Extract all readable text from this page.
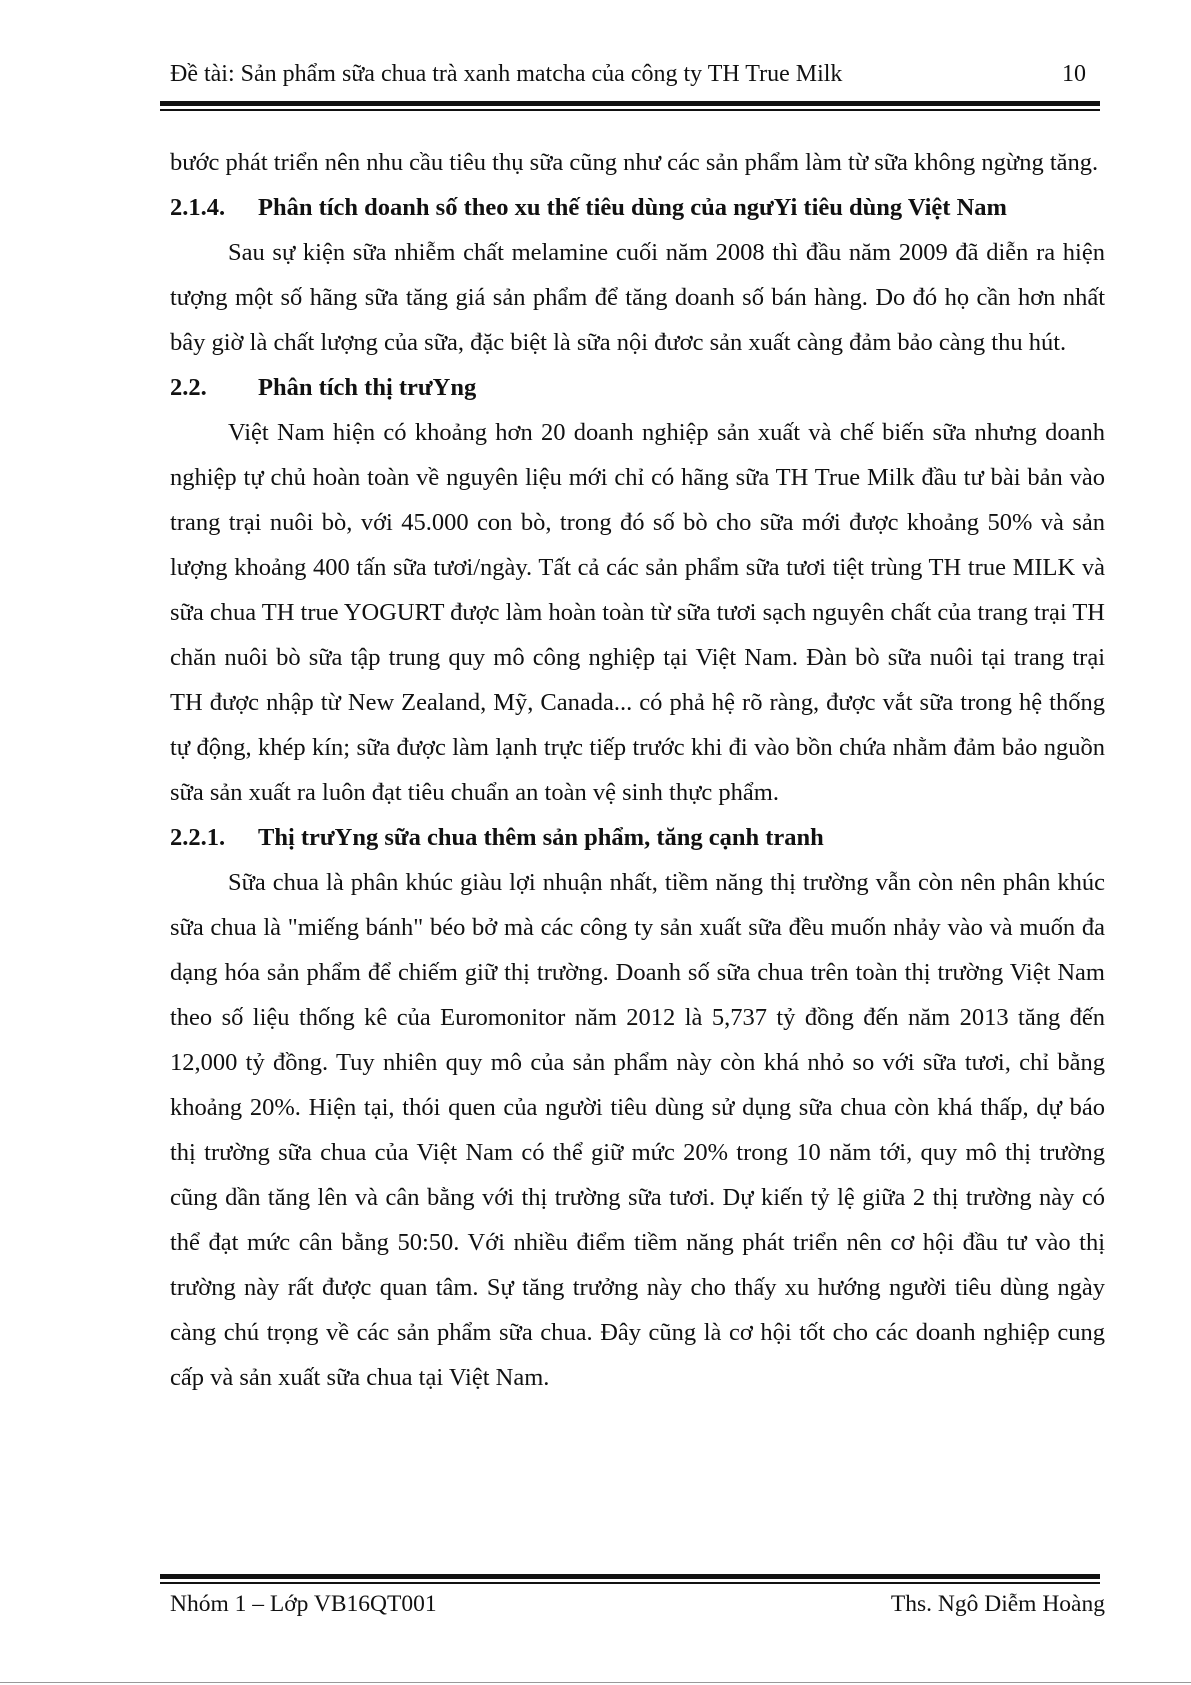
Đề tài: Sản phẩm sữa chua trà xanh matcha của công ty TH True Milk	10

bước phát triển nên nhu cầu tiêu thụ sữa cũng như các sản phẩm làm từ sữa không ngừng tăng.

2.1.4. Phân tích doanh số theo xu thế tiêu dùng của ngưYi tiêu dùng Việt Nam

Sau sự kiện sữa nhiễm chất melamine cuối năm 2008 thì đầu năm 2009 đã diễn ra hiện tượng một số hãng sữa tăng giá sản phẩm để tăng doanh số bán hàng. Do đó họ cần hơn nhất bây giờ là chất lượng của sữa, đặc biệt là sữa nội đươc sản xuất càng đảm bảo càng thu hút.

2.2. Phân tích thị trưYng

Việt Nam hiện có khoảng hơn 20 doanh nghiệp sản xuất và chế biến sữa nhưng doanh nghiệp tự chủ hoàn toàn về nguyên liệu mới chỉ có hãng sữa TH True Milk đầu tư bài bản vào trang trại nuôi bò, với 45.000 con bò, trong đó số bò cho sữa mới được khoảng 50% và sản lượng khoảng 400 tấn sữa tươi/ngày. Tất cả các sản phẩm sữa tươi tiệt trùng TH true MILK và sữa chua TH true YOGURT được làm hoàn toàn từ sữa tươi sạch nguyên chất của trang trại TH chăn nuôi bò sữa tập trung quy mô công nghiệp tại Việt Nam. Đàn bò sữa nuôi tại trang trại TH được nhập từ New Zealand, Mỹ, Canada... có phả hệ rõ ràng, được vắt sữa trong hệ thống tự động, khép kín; sữa được làm lạnh trực tiếp trước khi đi vào bồn chứa nhằm đảm bảo nguồn sữa sản xuất ra luôn đạt tiêu chuẩn an toàn vệ sinh thực phẩm.

2.2.1. Thị trưYng sữa chua thêm sản phẩm, tăng cạnh tranh

Sữa chua là phân khúc giàu lợi nhuận nhất, tiềm năng thị trường vẫn còn nên phân khúc sữa chua là "miếng bánh" béo bở mà các công ty sản xuất sữa đều muốn nhảy vào và muốn đa dạng hóa sản phẩm để chiếm giữ thị trường. Doanh số sữa chua trên toàn thị trường Việt Nam theo số liệu thống kê của Euromonitor năm 2012 là 5,737 tỷ đồng đến năm 2013 tăng đến 12,000 tỷ đồng. Tuy nhiên quy mô của sản phẩm này còn khá nhỏ so với sữa tươi, chỉ bằng khoảng 20%. Hiện tại, thói quen của người tiêu dùng sử dụng sữa chua còn khá thấp, dự báo thị trường sữa chua của Việt Nam có thể giữ mức 20% trong 10 năm tới, quy mô thị trường cũng dần tăng lên và cân bằng với thị trường sữa tươi. Dự kiến tỷ lệ giữa 2 thị trường này có thể đạt mức cân bằng 50:50. Với nhiều điểm tiềm năng phát triển nên cơ hội đầu tư vào thị trường này rất được quan tâm. Sự tăng trưởng này cho thấy xu hướng người tiêu dùng ngày càng chú trọng về các sản phẩm sữa chua. Đây cũng là cơ hội tốt cho các doanh nghiệp cung cấp và sản xuất sữa chua tại Việt Nam.

Nhóm 1 – Lớp VB16QT001	Ths. Ngô Diễm Hoàng
